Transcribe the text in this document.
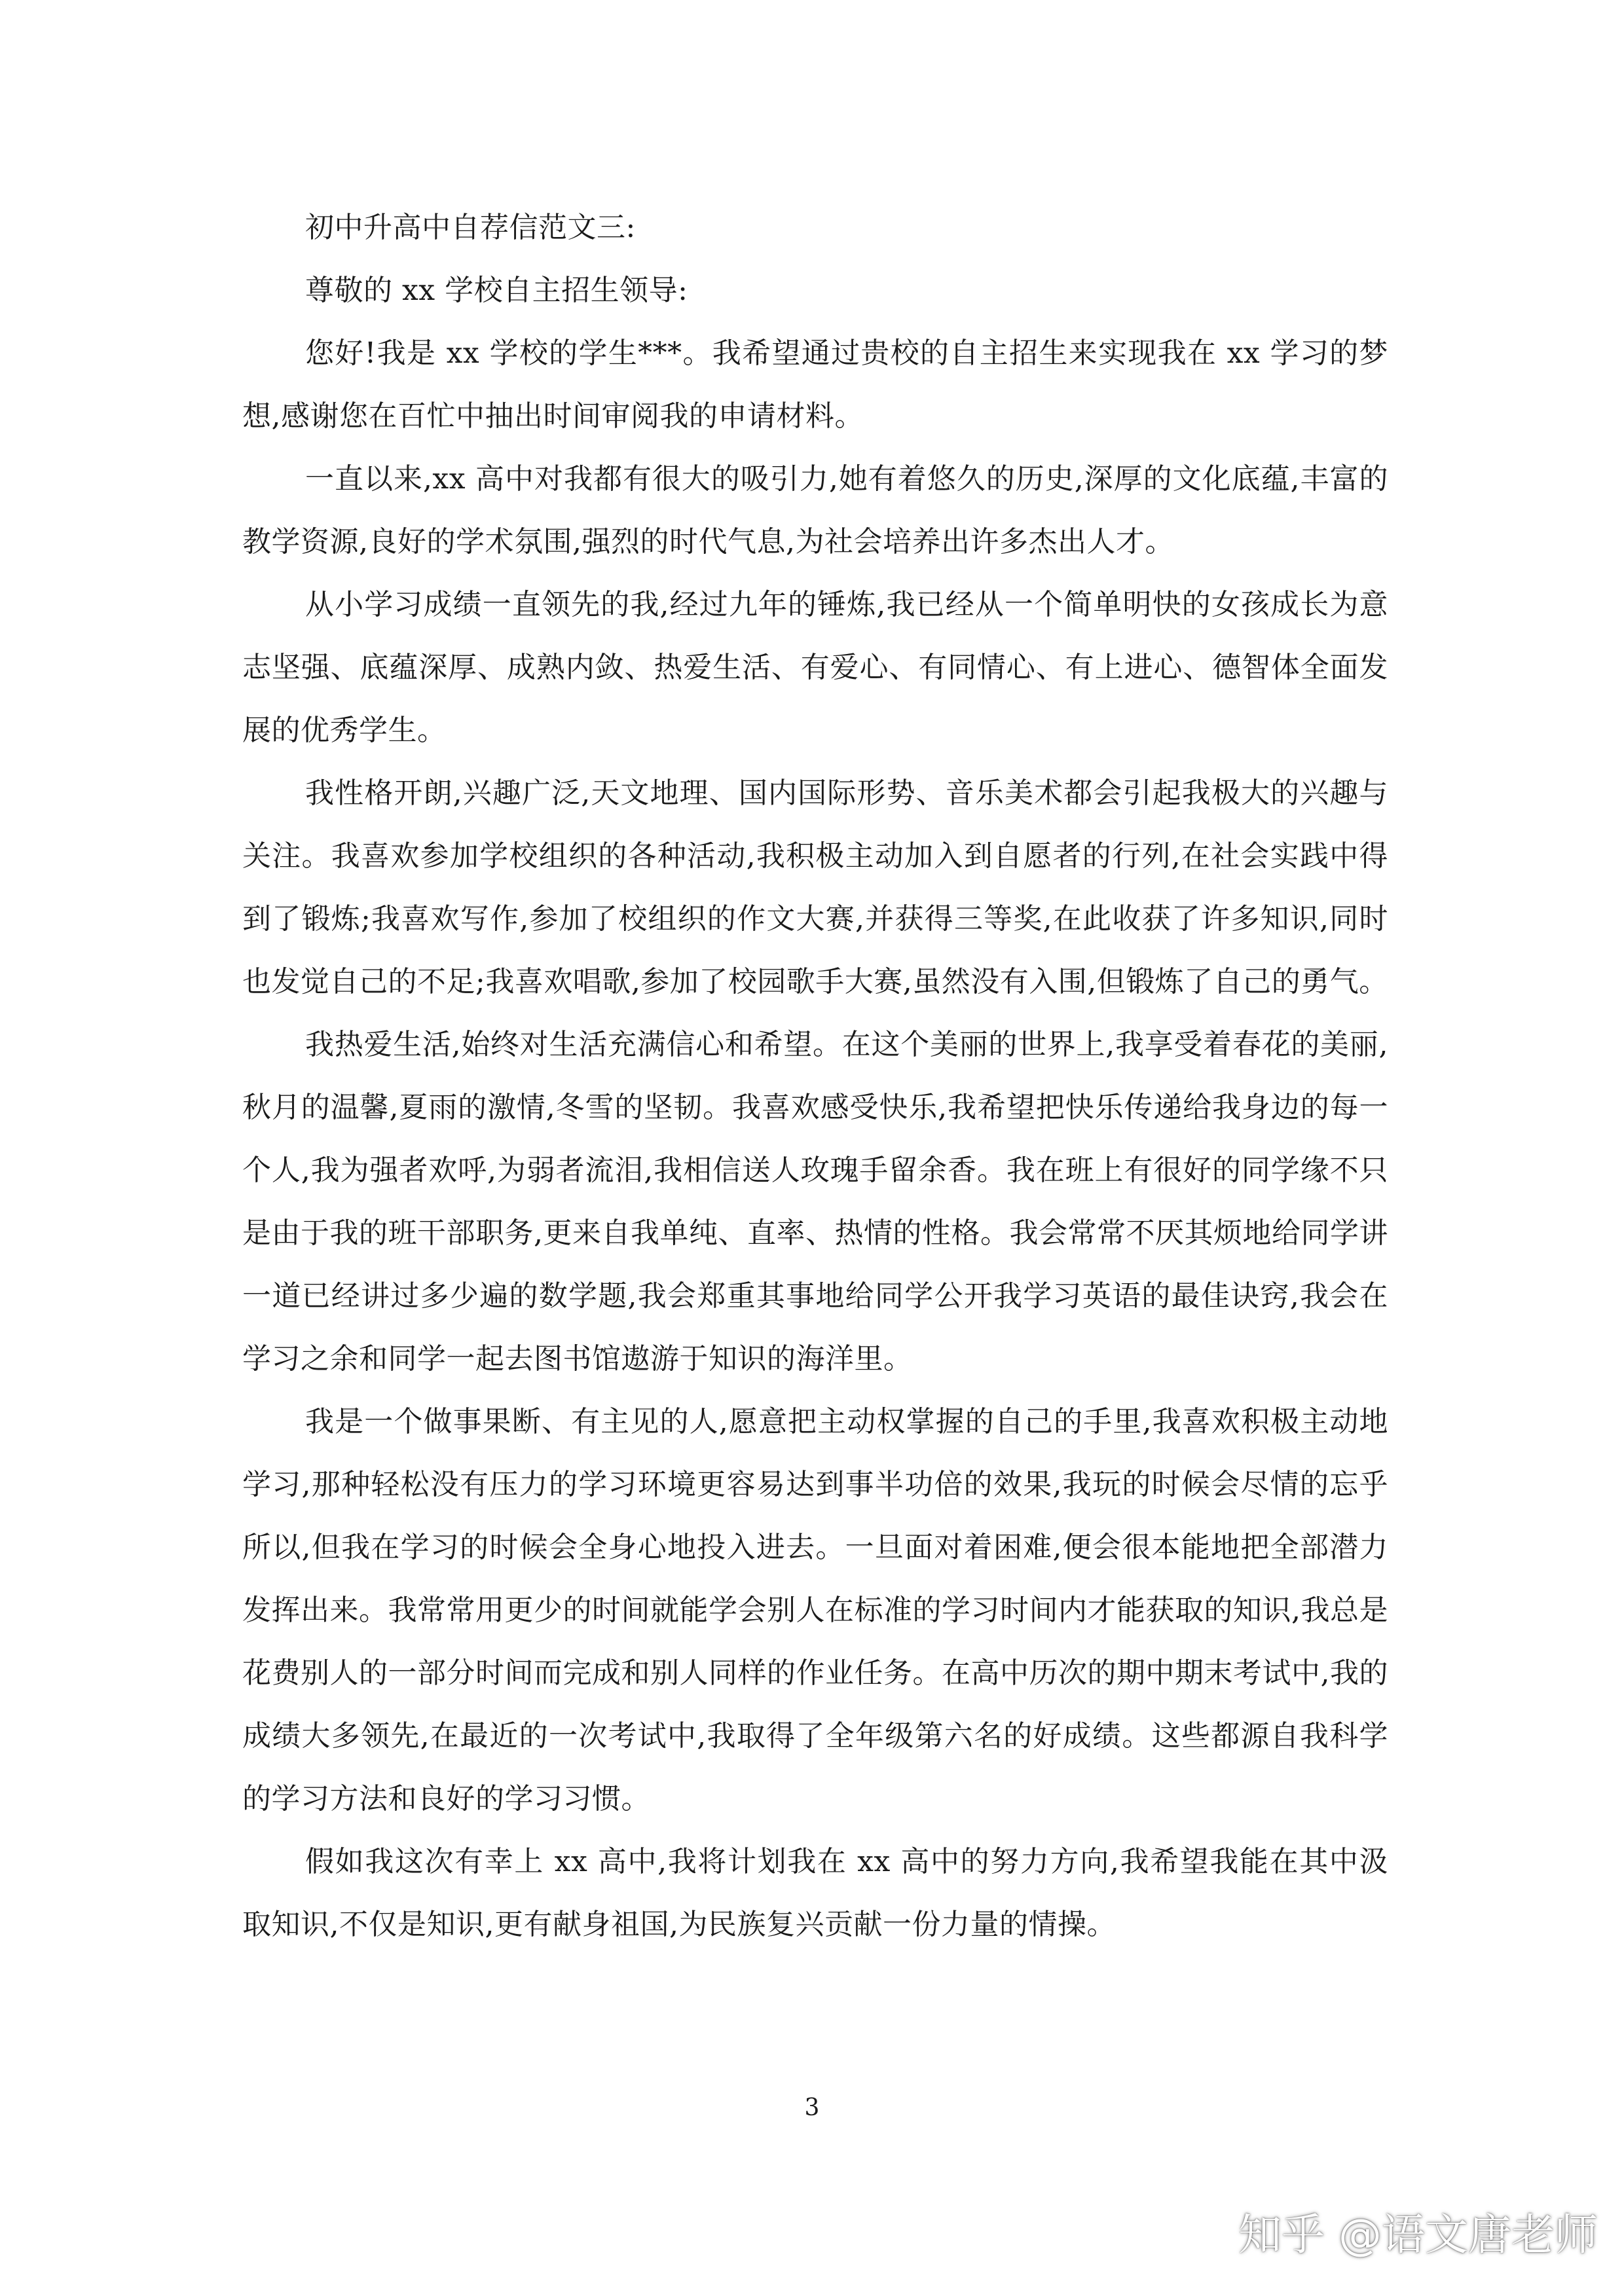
初中升高中自荐信范文三:

尊敬的 xx 学校自主招生领导:

您好!我是 xx 学校的学生***。我希望通过贵校的自主招生来实现我在 xx 学习的梦想,感谢您在百忙中抽出时间审阅我的申请材料。

一直以来,xx 高中对我都有很大的吸引力,她有着悠久的历史,深厚的文化底蕴,丰富的教学资源,良好的学术氛围,强烈的时代气息,为社会培养出许多杰出人才。

从小学习成绩一直领先的我,经过九年的锤炼,我已经从一个简单明快的女孩成长为意志坚强、底蕴深厚、成熟内敛、热爱生活、有爱心、有同情心、有上进心、德智体全面发展的优秀学生。

我性格开朗,兴趣广泛,天文地理、国内国际形势、音乐美术都会引起我极大的兴趣与关注。我喜欢参加学校组织的各种活动,我积极主动加入到自愿者的行列,在社会实践中得到了锻炼;我喜欢写作,参加了校组织的作文大赛,并获得三等奖,在此收获了许多知识,同时也发觉自己的不足;我喜欢唱歌,参加了校园歌手大赛,虽然没有入围,但锻炼了自己的勇气。

我热爱生活,始终对生活充满信心和希望。在这个美丽的世界上,我享受着春花的美丽,秋月的温馨,夏雨的激情,冬雪的坚韧。我喜欢感受快乐,我希望把快乐传递给我身边的每一个人,我为强者欢呼,为弱者流泪,我相信送人玫瑰手留余香。我在班上有很好的同学缘不只是由于我的班干部职务,更来自我单纯、直率、热情的性格。我会常常不厌其烦地给同学讲一道已经讲过多少遍的数学题,我会郑重其事地给同学公开我学习英语的最佳诀窍,我会在学习之余和同学一起去图书馆遨游于知识的海洋里。

我是一个做事果断、有主见的人,愿意把主动权掌握的自己的手里,我喜欢积极主动地学习,那种轻松没有压力的学习环境更容易达到事半功倍的效果,我玩的时候会尽情的忘乎所以,但我在学习的时候会全身心地投入进去。一旦面对着困难,便会很本能地把全部潜力发挥出来。我常常用更少的时间就能学会别人在标准的学习时间内才能获取的知识,我总是花费别人的一部分时间而完成和别人同样的作业任务。在高中历次的期中期末考试中,我的成绩大多领先,在最近的一次考试中,我取得了全年级第六名的好成绩。这些都源自我科学的学习方法和良好的学习习惯。

假如我这次有幸上 xx 高中,我将计划我在 xx 高中的努力方向,我希望我能在其中汲取知识,不仅是知识,更有献身祖国,为民族复兴贡献一份力量的情操。

3
知乎 @语文唐老师
